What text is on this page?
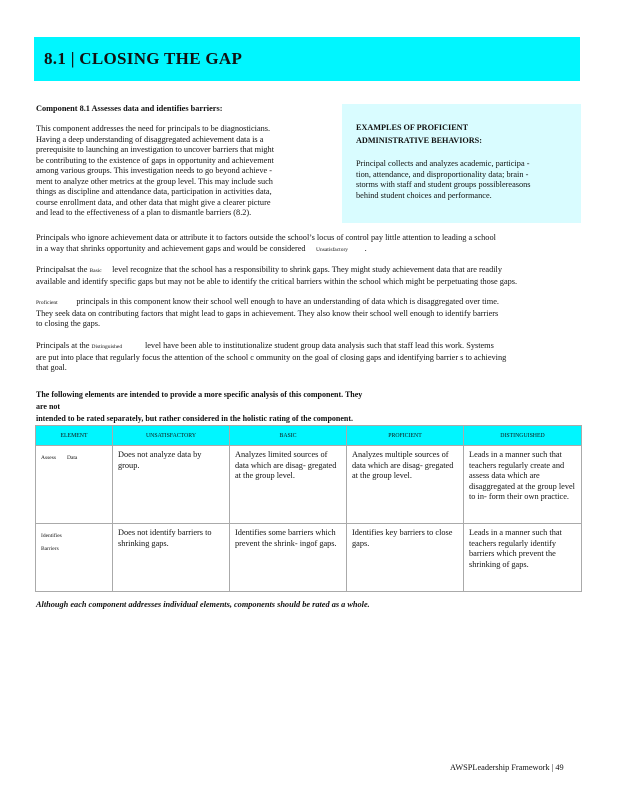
8.1 | CLOSING THE GAP
Component 8.1 Assesses data and identifies barriers:
This component addresses the need for principals to be diagnosticians.
Having a deep understanding of disaggregated achievement data is a
prerequisite to launching an investigation to uncover barriers that might
be contributing to the existence of gaps in opportunity and achievement
among various groups. This investigation needs to go beyond achieve -
ment to analyze other metrics at the group level. This may include such
things as discipline and attendance data, participation in activities data,
course enrollment data, and other data that might give a clearer picture
and lead to the effectiveness of a plan to dismantle barriers (8.2).
EXAMPLES OF PROFICIENT
ADMINISTRATIVE BEHAVIORS:
Principal collects and analyzes academic, participa -
tion, attendance, and disproportionality data; brain -
storms with staff and student groups possiblereasons
behind student choices and performance.
Principals who ignore achievement data or attribute it to factors outside the school’s locus of control pay little attention to leading a school
in a way that shrinks opportunity and achievement gaps and would be considered Unsatisfactory .
Principalsat the Basic level recognize that the school has a responsibility to shrink gaps. They might study achievement data that are readily
available and identify specific gaps but may not be able to identify the critical barriers within the school which might be perpetuating those gaps.
Proficient principals in this component know their school well enough to have an understanding of data which is disaggregated over time.
They seek data on contributing factors that might lead to gaps in achievement. They also know their school well enough to identify barriers
to closing the gaps.
Principals at the Distinguished	level have been able to institutionalize student group data analysis such that staff lead this work. Systems
are put into place that regularly focus the attention of the school c ommunity on the goal of closing gaps and identifying barrier s to achieving
that goal.
The following elements are intended to provide a more specific analysis of this component. They are not
intended to be rated separately, but rather considered in the holistic rating of the component.
ELEMENT	UNSATISFACTORY	BASIC	PROFICIENT	DISTINGUISHED

Assess        Data	Does not analyze data by group.	Analyzes limited sources of data which are disag- gregated at the group level.	Analyzes multiple sources of data which are disag- gregated at the group level.	Leads in a manner such that teachers regularly create and assess data which are disaggregated at the group level to in- form their own practice.

Identifies
Barriers	Does not identify barriers to shrinking gaps.	Identifies some barriers which prevent the shrink- ingof gaps.	Identifies key barriers to close gaps.	Leads in a manner such that teachers regularly identify barriers which prevent the shrinking of gaps.
Although each component addresses individual elements, components should be rated as a whole.
AWSPLeadership Framework | 49
